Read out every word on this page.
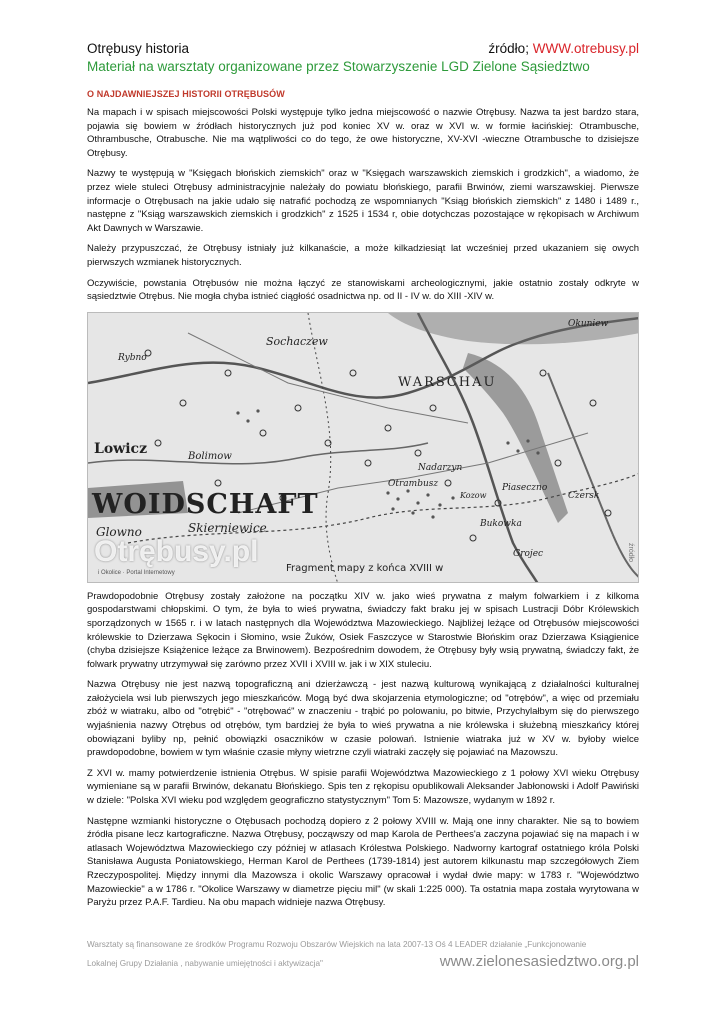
Otrębusy historia	źródło; WWW.otrebusy.pl
Materiał na warsztaty organizowane przez Stowarzyszenie LGD Zielone Sąsiedztwo
O NAJDAWNIEJSZEJ HISTORII OTRĘBUSÓW

Na mapach i w spisach miejscowości Polski występuje tylko jedna miejscowość o nazwie Otrębusy. Nazwa ta jest bardzo stara, pojawia się bowiem w źródłach historycznych już pod koniec XV w. oraz w XVI w. w formie łacińskiej: Otrambusche, Othrambusche, Otrabusche. Nie ma wątpliwości co do tego, że owe historyczne, XV-XVI -wieczne Otrambusche to dzisiejsze Otrębusy.

Nazwy te występują w "Księgach błońskich ziemskich" oraz w "Księgach warszawskich ziemskich i grodzkich", a wiadomo, że przez wiele stuleci Otrębusy administracyjnie należały do powiatu błońskiego, parafii Brwinów, ziemi warszawskiej. Pierwsze informacje o Otrębusach na jakie udało się natrafić pochodzą ze wspomnianych "Ksiąg błońskich ziemskich" z 1480 i 1489 r., następne z "Ksiąg warszawskich ziemskich i grodzkich" z 1525 i 1534 r, obie dotychczas pozostające w rękopisach w Archiwum Akt Dawnych w Warszawie.

Należy przypuszczać, że Otrębusy istniały już kilkanaście, a może kilkadziesiąt lat wcześniej przed ukazaniem się owych pierwszych wzmianek historycznych.

Oczywiście, powstania Otrębusów nie można łączyć ze stanowiskami archeologicznymi, jakie ostatnio zostały odkryte w sąsiedztwie Otrębus. Nie mogła chyba istnieć ciągłość osadnictwa np. od II - IV w. do XIII -XIV w.

Sochaczew
WARSCHAU
Lowicz	Bolimow
WOIDSCHAFT
Skierniewice
Nadarzyn
Otrambusz	Piaseczno
Bukowka
Kozow	Czersk
Grojec
Rybno
Glowno
Okuniew
Otrębusy.pl
i Okolice · Portal Internetowy	Fragment mapy z końca XVIII w
źródło

Prawdopodobnie Otrębusy zostały założone na początku XIV w. jako wieś prywatna z małym folwarkiem i z kilkoma gospodarstwami chłopskimi. O tym, że była to wieś prywatna, świadczy fakt braku jej w spisach Lustracji Dóbr Królewskich sporządzonych w 1565 r. i w latach następnych dla Województwa Mazowieckiego. Najbliżej leżące od Otrębusów miejscowości królewskie to Dzierzawa Sękocin i Słomino, wsie Żuków, Osiek Faszczyce w Starostwie Błońskim oraz Dzierzawa Ksiągienice (chyba dzisiejsze Książenice leżące za Brwinowem). Bezpośrednim dowodem, że Otrębusy były wsią prywatną, świadczy fakt, że folwark prywatny utrzymywał się zarówno przez XVII i XVIII w. jak i w XIX stuleciu.

Nazwa Otrębusy nie jest nazwą topograficzną ani dzierżawczą - jest nazwą kulturową wynikającą z działalności kulturalnej założyciela wsi lub pierwszych jego mieszkańców. Mogą być dwa skojarzenia etymologiczne; od "otrębów", a więc od przemiału zbóż w wiatraku, albo od "otrębić" - "otrębować" w znaczeniu - trąbić po polowaniu, po bitwie, Przychylałbym się do pierwszego wyjaśnienia nazwy Otrębus od otrębów, tym bardziej że była to wieś prywatna a nie królewska i służebną mieszkańcy której obowiązani byliby np, pełnić obowiązki osaczników w czasie polowań. Istnienie wiatraka już w XV w. byłoby wielce prawdopodobne, bowiem w tym właśnie czasie młyny wietrzne czyli wiatraki zaczęły się pojawiać na Mazowszu.

Z XVI w. mamy potwierdzenie istnienia Otrębus. W spisie parafii Województwa Mazowieckiego z 1 połowy XVI wieku Otrębusy wymieniane są w parafii Brwinów, dekanatu Błońskiego. Spis ten z rękopisu opublikowali Aleksander Jabłonowski i Adolf Pawiński w dziele: "Polska XVI wieku pod względem geograficzno statystycznym" Tom 5: Mazowsze, wydanym w 1892 r.

Następne wzmianki historyczne o Otębusach pochodzą dopiero z 2 połowy XVIII w. Mają one inny charakter. Nie są to bowiem źródła pisane lecz kartograficzne. Nazwa Otrębusy, począwszy od map Karola de Perthees'a zaczyna pojawiać się na mapach i w atlasach Województwa Mazowieckiego czy później w atlasach Królestwa Polskiego. Nadworny kartograf ostatniego króla Polski Stanisława Augusta Poniatowskiego, Herman Karol de Perthees (1739-1814) jest autorem kilkunastu map szczegółowych Ziem Rzeczypospolitej. Między innymi dla Mazowsza i okolic Warszawy opracował i wydał dwie mapy: w 1783 r. "Województwo Mazowieckie" a w 1786 r. "Okolice Warszawy w diametrze pięciu mil" (w skali 1:225 000). Ta ostatnia mapa została wyrytowana w Paryżu przez P.A.F. Tardieu. Na obu mapach widnieje nazwa Otrębusy.

Warsztaty są finansowane ze środków Programu Rozwoju Obszarów Wiejskich na lata 2007-13 Oś 4 LEADER działanie „Funkcjonowanie
Lokalnej Grupy Działania , nabywanie umiejętności i aktywizacja"	www.zielonesasiedztwo.org.pl
